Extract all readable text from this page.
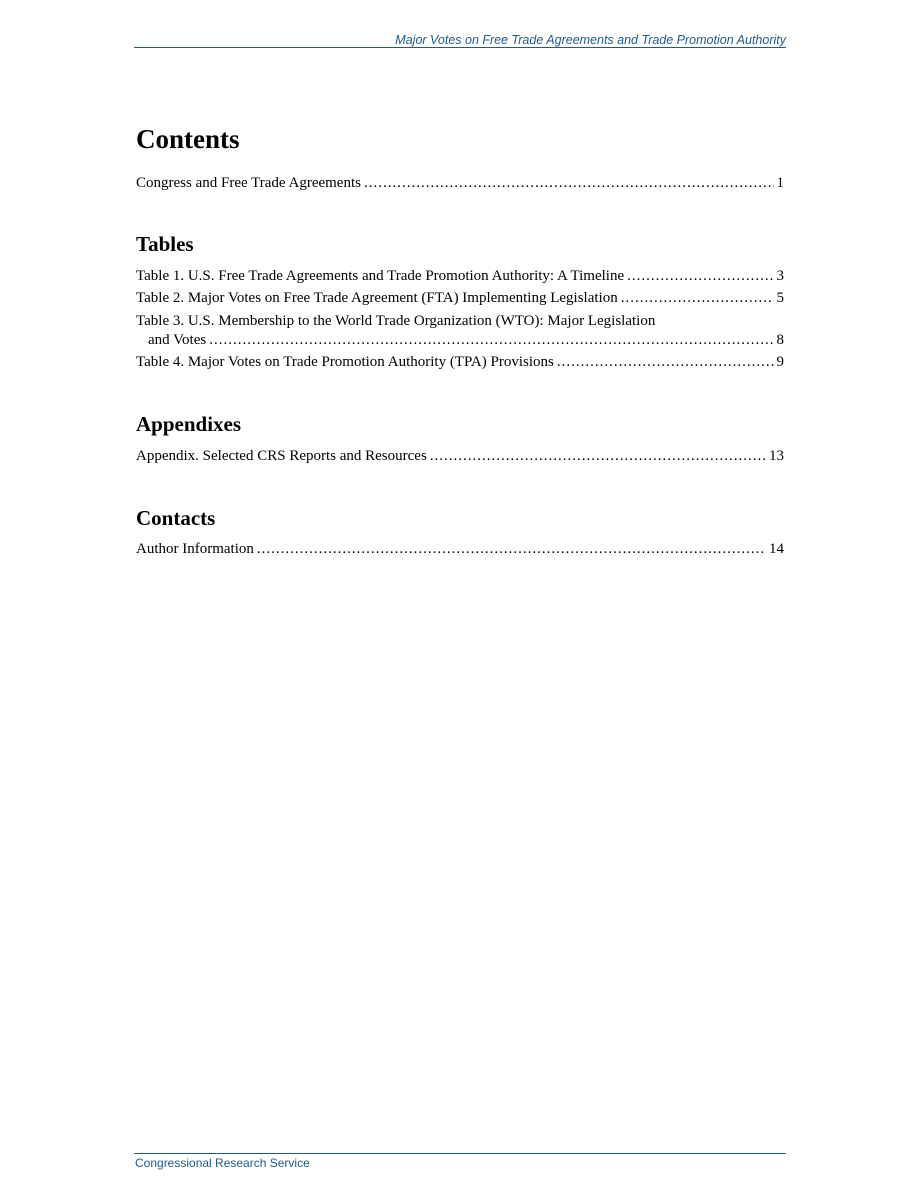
Major Votes on Free Trade Agreements and Trade Promotion Authority
Contents
Congress and Free Trade Agreements .....	1
Tables
Table 1. U.S. Free Trade Agreements and Trade Promotion Authority: A Timeline .....	3
Table 2. Major Votes on Free Trade Agreement (FTA) Implementing Legislation .....	5
Table 3. U.S. Membership to the World Trade Organization (WTO): Major Legislation
and Votes .....	8
Table 4. Major Votes on Trade Promotion Authority (TPA) Provisions .....	9
Appendixes
Appendix. Selected CRS Reports and Resources .....	13
Contacts
Author Information .....	14
Congressional Research Service
